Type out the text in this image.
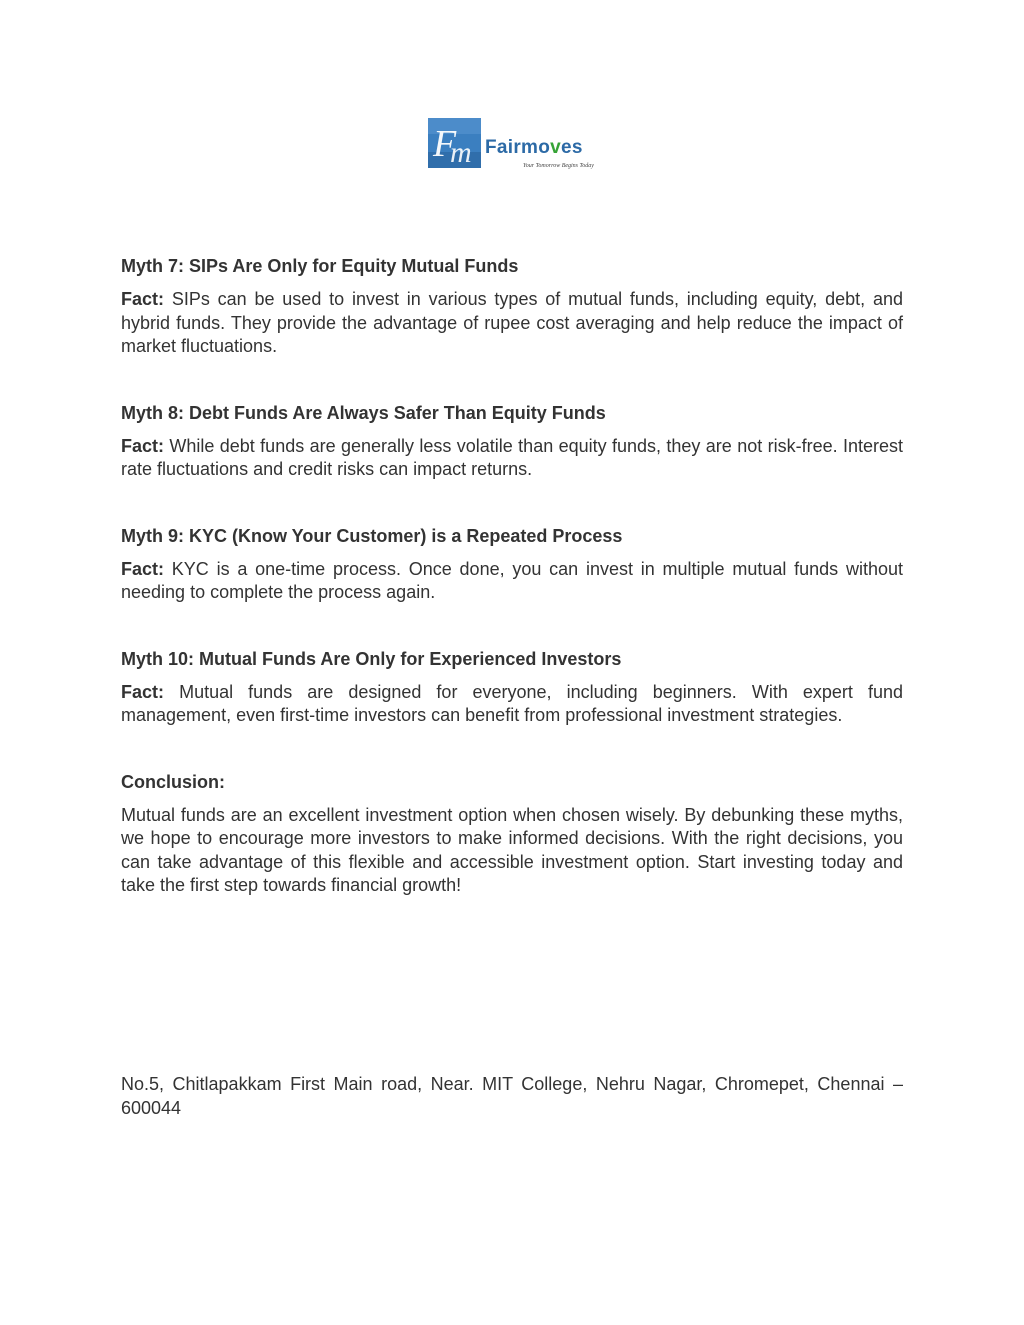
F
m Fairmoves
Your Tomorrow Begins Today

Myth 7: SIPs Are Only for Equity Mutual Funds

Fact: SIPs can be used to invest in various types of mutual funds, including equity, debt, and hybrid funds. They provide the advantage of rupee cost averaging and help reduce the impact of market fluctuations.

Myth 8: Debt Funds Are Always Safer Than Equity Funds

Fact: While debt funds are generally less volatile than equity funds, they are not risk-free. Interest rate fluctuations and credit risks can impact returns.

Myth 9: KYC (Know Your Customer) is a Repeated Process

Fact: KYC is a one-time process. Once done, you can invest in multiple mutual funds without needing to complete the process again.

Myth 10: Mutual Funds Are Only for Experienced Investors

Fact: Mutual funds are designed for everyone, including beginners. With expert fund management, even first-time investors can benefit from professional investment strategies.

Conclusion:

Mutual funds are an excellent investment option when chosen wisely. By debunking these myths, we hope to encourage more investors to make informed decisions. With the right decisions, you can take advantage of this flexible and accessible investment option. Start investing today and take the first step towards financial growth!

No.5, Chitlapakkam First Main road, Near. MIT College, Nehru Nagar, Chromepet, Chennai – 600044
